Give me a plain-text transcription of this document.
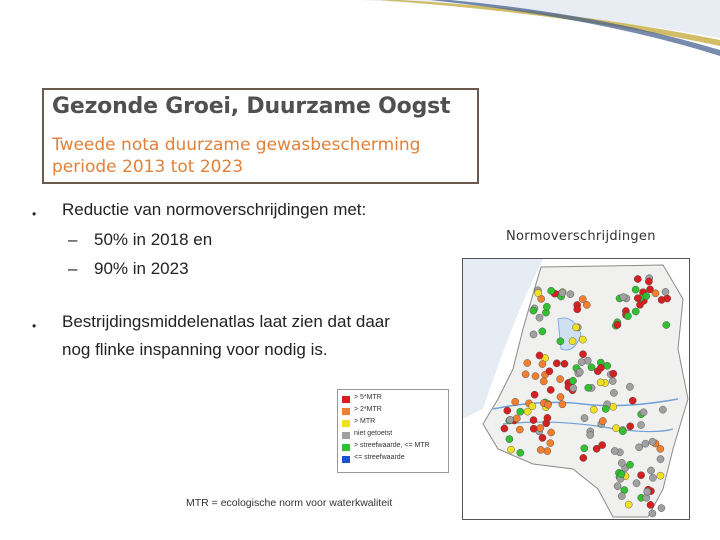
Gezonde Groei, Duurzame Oogst
Tweede nota duurzame gewasbescherming
periode 2013 tot 2023
• Reductie van normoverschrijdingen met:
– 50% in 2018 en
– 90% in 2023
• Bestrijdingsmiddelenatlas laat zien dat daar
nog flinke inspanning voor nodig is.
Normoverschrijdingen
> 5*MTR
> 2*MTR
> MTR
niet getoetst
> streefwaarde, <= MTR
<= streefwaarde
MTR = ecologische norm voor waterkwaliteit
